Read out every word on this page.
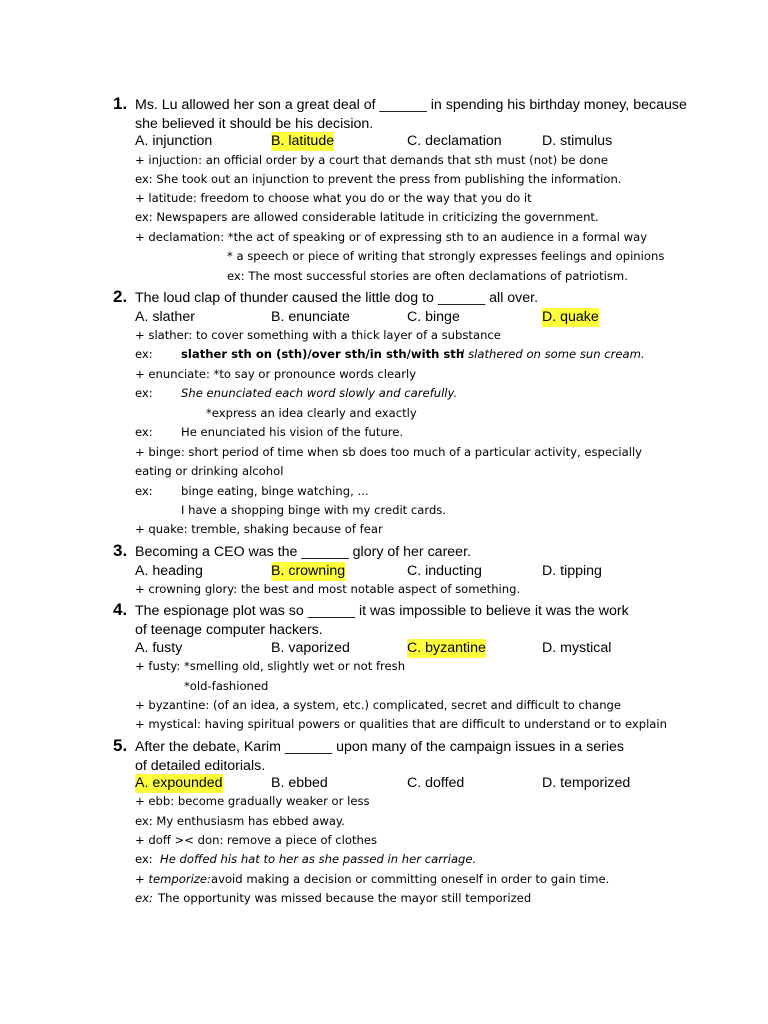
1. Ms. Lu allowed her son a great deal of ______ in spending his birthday money, because she believed it should be his decision.
A. injunction	B. latitude	C. declamation	D. stimulus
+ injuction: an official order by a court that demands that sth must (not) be done
ex: She took out an injunction to prevent the press from publishing the information.
+ latitude: freedom to choose what you do or the way that you do it
ex: Newspapers are allowed considerable latitude in criticizing the government.
+ declamation: *the act of speaking or of expressing sth to an audience in a formal way
* a speech or piece of writing that strongly expresses feelings and opinions
ex: The most successful stories are often declamations of patriotism.
2. The loud clap of thunder caused the little dog to ______ all over.
A. slather	B. enunciate	C. binge	D. quake
+ slather: to cover something with a thick layer of a substance
ex: slather sth on (sth)/over sth/in sth/with sth
I slathered on some sun cream.
+ enunciate: *to say or pronounce words clearly
ex: She enunciated each word slowly and carefully.
*express an idea clearly and exactly
ex: He enunciated his vision of the future.
+ binge: short period of time when sb does too much of a particular activity, especially
eating or drinking alcohol
ex: binge eating, binge watching, ...
I have a shopping binge with my credit cards.
+ quake: tremble, shaking because of fear
3. Becoming a CEO was the ______ glory of her career.
A. heading	B. crowning	C. inducting	D. tipping
+ crowning glory: the best and most notable aspect of something.
4. The espionage plot was so ______ it was impossible to believe it was the work of teenage computer hackers.
A. fusty	B. vaporized	C. byzantine	D. mystical
+ fusty: *smelling old, slightly wet or not fresh
*old-fashioned
+ byzantine: (of an idea, a system, etc.) complicated, secret and difficult to change
+ mystical: having spiritual powers or qualities that are difficult to understand or to explain
5. After the debate, Karim ______ upon many of the campaign issues in a series of detailed editorials.
A. expounded	B. ebbed	C. doffed	D. temporized
+ ebb: become gradually weaker or less
ex: My enthusiasm has ebbed away.
+ doff >< don: remove a piece of clothes
ex: He doffed his hat to her as she passed in her carriage.
+ temporize: avoid making a decision or committing oneself in order to gain time.
ex: The opportunity was missed because the mayor still temporized
